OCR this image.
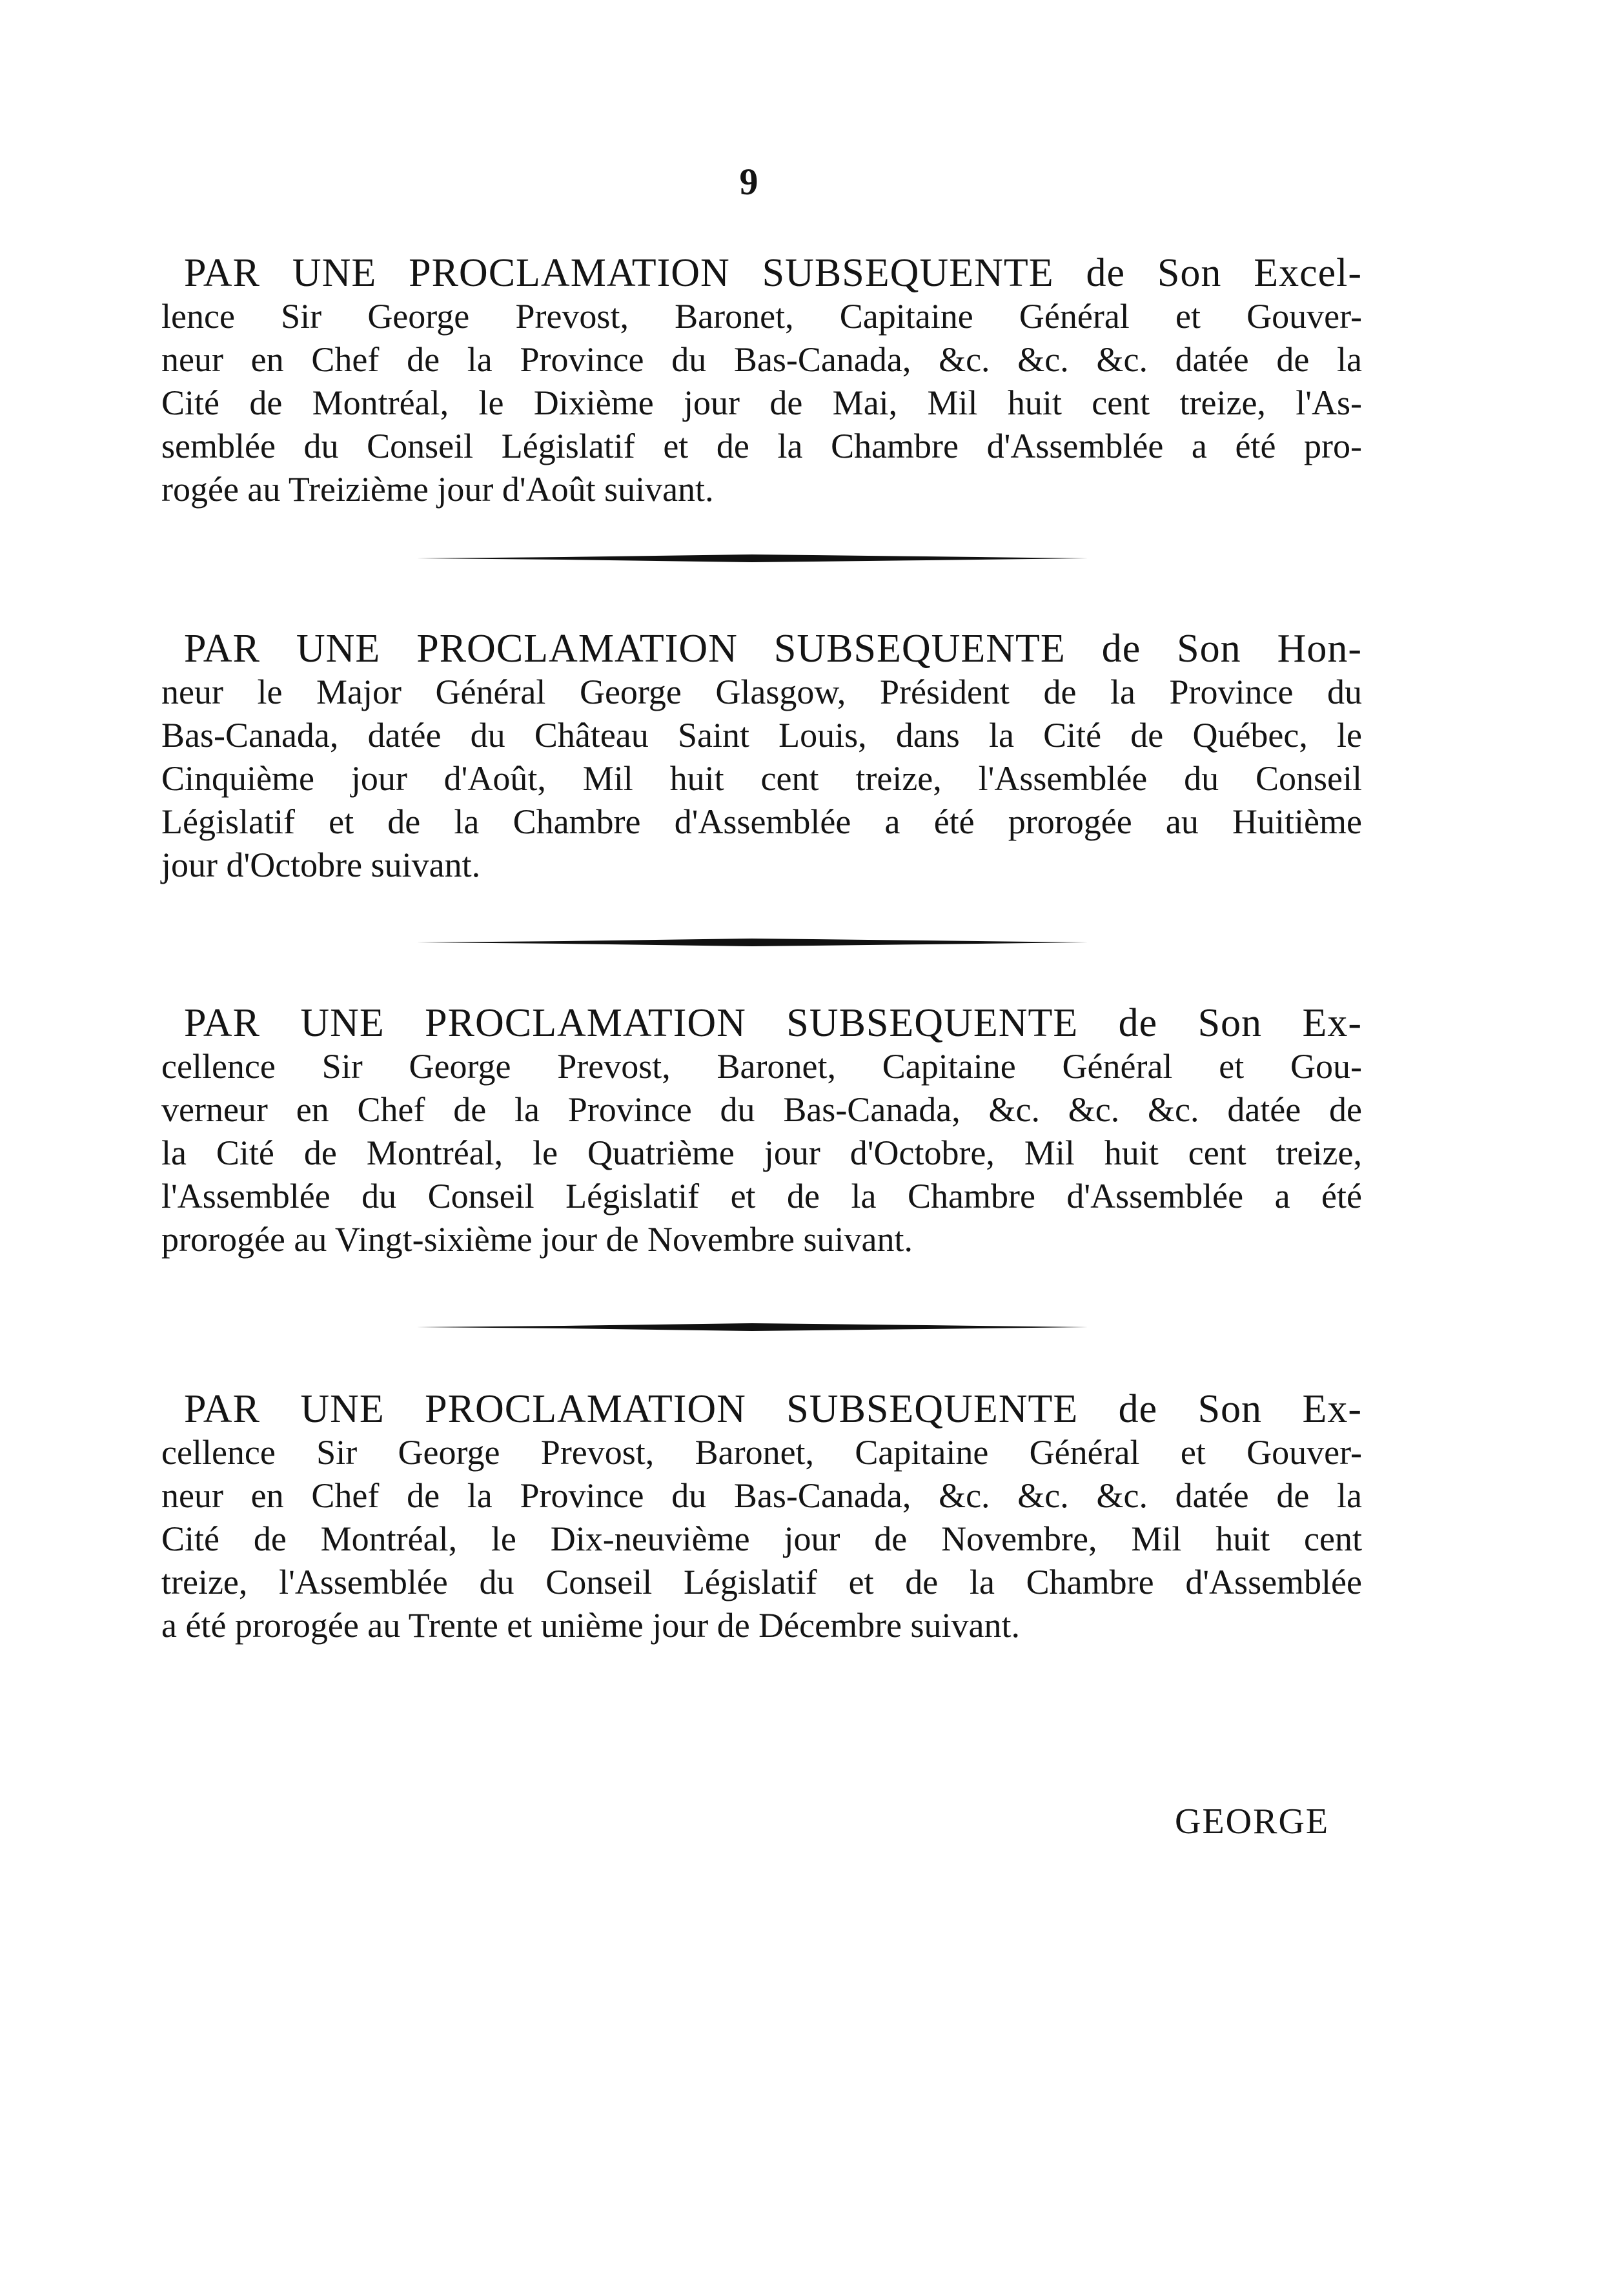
9
PAR UNE PROCLAMATION SUBSEQUENTE de Son Excel-
lence Sir George Prevost, Baronet, Capitaine Général et Gouver-
neur en Chef de la Province du Bas-Canada, &c. &c. &c. datée de la
Cité de Montréal, le Dixième jour de Mai, Mil huit cent treize, l'As-
semblée du Conseil Législatif et de la Chambre d'Assemblée a été pro-
rogée au Treizième jour d'Août suivant.
PAR UNE PROCLAMATION SUBSEQUENTE de Son Hon-
neur le Major Général George Glasgow, Président de la Province du
Bas-Canada, datée du Château Saint Louis, dans la Cité de Québec, le
Cinquième jour d'Août, Mil huit cent treize, l'Assemblée du Conseil
Législatif et de la Chambre d'Assemblée a été prorogée au Huitième
jour d'Octobre suivant.
PAR UNE PROCLAMATION SUBSEQUENTE de Son Ex-
cellence Sir George Prevost, Baronet, Capitaine Général et Gou-
verneur en Chef de la Province du Bas-Canada, &c. &c. &c. datée de
la Cité de Montréal, le Quatrième jour d'Octobre, Mil huit cent treize,
l'Assemblée du Conseil Législatif et de la Chambre d'Assemblée a été
prorogée au Vingt-sixième jour de Novembre suivant.
PAR UNE PROCLAMATION SUBSEQUENTE de Son Ex-
cellence Sir George Prevost, Baronet, Capitaine Général et Gouver-
neur en Chef de la Province du Bas-Canada, &c. &c. &c. datée de la
Cité de Montréal, le Dix-neuvième jour de Novembre, Mil huit cent
treize, l'Assemblée du Conseil Législatif et de la Chambre d'Assemblée
a été prorogée au Trente et unième jour de Décembre suivant.
GEORGE
